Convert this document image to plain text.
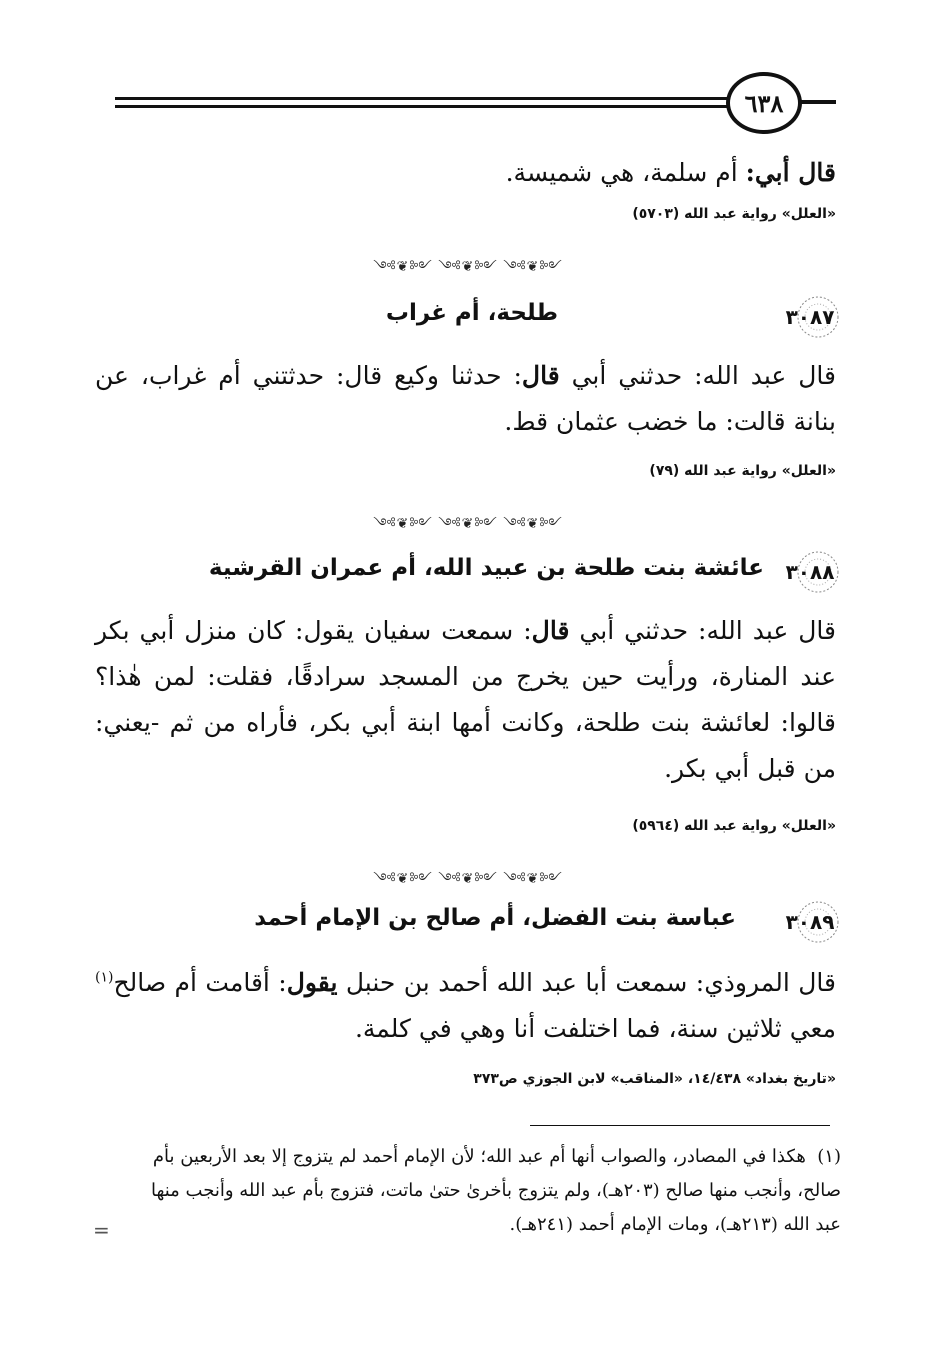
٦٣٨
قال أبي: أم سلمة، هي شميسة.
«العلل» رواية عبد الله (٥٧٠٣)
༺❦༻ ༺❦༻ ༺❦༻
٣٠٨٧
طلحة، أم غراب
قال عبد الله: حدثني أبي قال: حدثنا وكيع قال: حدثتني أم غراب، عن بنانة قالت: ما خضب عثمان قط.
«العلل» رواية عبد الله (٧٩)
༺❦༻ ༺❦༻ ༺❦༻
٣٠٨٨
عائشة بنت طلحة بن عبيد الله، أم عمران القرشية
قال عبد الله: حدثني أبي قال: سمعت سفيان يقول: كان منزل أبي بكر عند المنارة، ورأيت حين يخرج من المسجد سرادقًا، فقلت: لمن هٰذا؟ قالوا: لعائشة بنت طلحة، وكانت أمها ابنة أبي بكر، فأراه من ثم -يعني: من قبل أبي بكر.
«العلل» رواية عبد الله (٥٩٦٤)
༺❦༻ ༺❦༻ ༺❦༻
٣٠٨٩
عباسة بنت الفضل، أم صالح بن الإمام أحمد
قال المروذي: سمعت أبا عبد الله أحمد بن حنبل يقول: أقامت أم صالح$^{(١)}$ معي ثلاثين سنة، فما اختلفت أنا وهي في كلمة.
«تاريخ بغداد» ١٤/٤٣٨، «المناقب» لابن الجوزي ص٣٧٣
(١)  هكذا في المصادر، والصواب أنها أم عبد الله؛ لأن الإمام أحمد لم يتزوج إلا بعد الأربعين بأم صالح، وأنجب منها صالح (٢٠٣هـ)، ولم يتزوج بأخرىٰ حتىٰ ماتت، فتزوج بأم عبد الله وأنجب منها عبد الله (٢١٣هـ)، ومات الإمام أحمد (٢٤١هـ).
=
